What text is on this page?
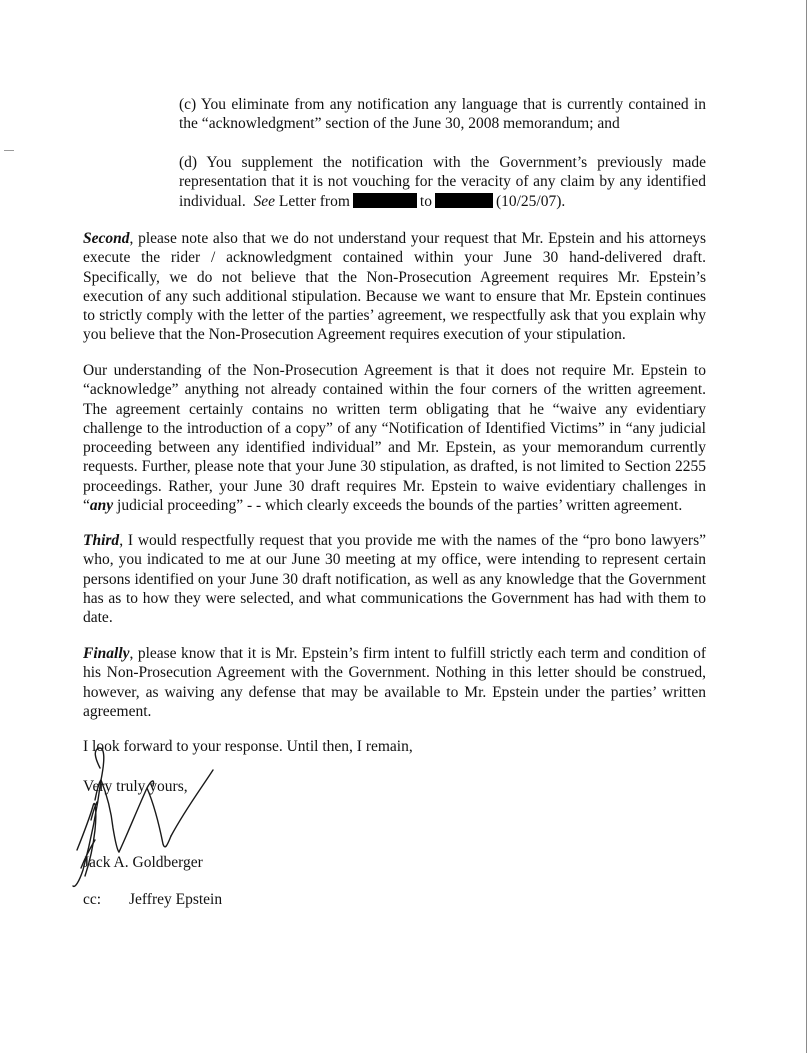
(c) You eliminate from any notification any language that is currently contained in the “acknowledgment” section of the June 30, 2008 memorandum; and

(d) You supplement the notification with the Government’s previously made representation that it is not vouching for the veracity of any claim by any identified individual. See Letter from	to	(10/25/07).

Second, please note also that we do not understand your request that Mr. Epstein and his attorneys execute the rider / acknowledgment contained within your June 30 hand-delivered draft. Specifically, we do not believe that the Non-Prosecution Agreement requires Mr. Epstein’s execution of any such additional stipulation. Because we want to ensure that Mr. Epstein continues to strictly comply with the letter of the parties’ agreement, we respectfully ask that you explain why you believe that the Non-Prosecution Agreement requires execution of your stipulation.

Our understanding of the Non-Prosecution Agreement is that it does not require Mr. Epstein to “acknowledge” anything not already contained within the four corners of the written agreement. The agreement certainly contains no written term obligating that he “waive any evidentiary challenge to the introduction of a copy” of any “Notification of Identified Victims” in “any judicial proceeding between any identified individual” and Mr. Epstein, as your memorandum currently requests. Further, please note that your June 30 stipulation, as drafted, is not limited to Section 2255 proceedings. Rather, your June 30 draft requires Mr. Epstein to waive evidentiary challenges in “any judicial proceeding” - - which clearly exceeds the bounds of the parties’ written agreement.

Third, I would respectfully request that you provide me with the names of the “pro bono lawyers” who, you indicated to me at our June 30 meeting at my office, were intending to represent certain persons identified on your June 30 draft notification, as well as any knowledge that the Government has as to how they were selected, and what communications the Government has had with them to date.

Finally, please know that it is Mr. Epstein’s firm intent to fulfill strictly each term and condition of his Non-Prosecution Agreement with the Government. Nothing in this letter should be construed, however, as waiving any defense that may be available to Mr. Epstein under the parties’ written agreement.

I look forward to your response. Until then, I remain,

Very truly yours,

Jack A. Goldberger

cc: Jeffrey Epstein
